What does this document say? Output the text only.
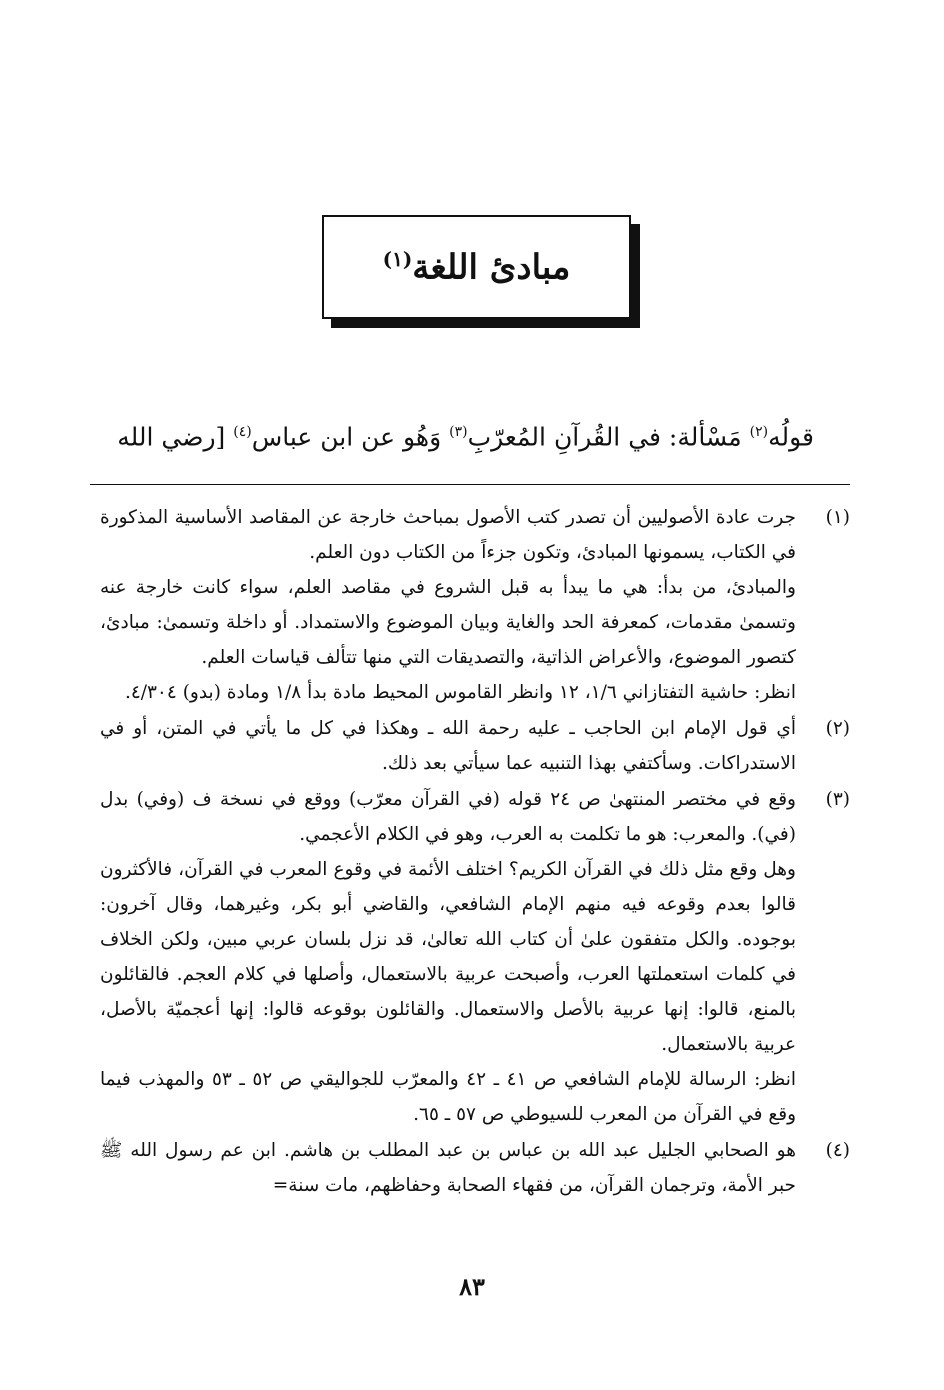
مبادئ اللغة$^{(١)}$
قولُه$^{(٢)}$ مَسْألة: في القُرآنِ المُعرّبِ$^{(٣)}$ وَهُو عن ابن عباس$^{(٤)}$ [رضي الله
(١)
جرت عادة الأصوليين أن تصدر كتب الأصول بمباحث خارجة عن المقاصد الأساسية المذكورة في الكتاب، يسمونها المبادئ، وتكون جزءاً من الكتاب دون العلم.
والمبادئ، من بدأ: هي ما يبدأ به قبل الشروع في مقاصد العلم، سواء كانت خارجة عنه وتسمىٰ مقدمات، كمعرفة الحد والغاية وبيان الموضوع والاستمداد. أو داخلة وتسمىٰ: مبادئ، كتصور الموضوع، والأعراض الذاتية، والتصديقات التي منها تتألف قياسات العلم.
انظر: حاشية التفتازاني ١/٦، ١٢ وانظر القاموس المحيط مادة بدأ ١/٨ ومادة (بدو) ٤/٣٠٤.
(٢)
أي قول الإمام ابن الحاجب ـ عليه رحمة الله ـ وهكذا في كل ما يأتي في المتن، أو في الاستدراكات. وسأكتفي بهذا التنبيه عما سيأتي بعد ذلك.
(٣)
وقع في مختصر المنتهىٰ ص ٢٤ قوله (في القرآن معرّب) ووقع في نسخة ف (وفي) بدل (في). والمعرب: هو ما تكلمت به العرب، وهو في الكلام الأعجمي.
وهل وقع مثل ذلك في القرآن الكريم؟ اختلف الأئمة في وقوع المعرب في القرآن، فالأكثرون قالوا بعدم وقوعه فيه منهم الإمام الشافعي، والقاضي أبو بكر، وغيرهما، وقال آخرون: بوجوده. والكل متفقون علىٰ أن كتاب الله تعالىٰ، قد نزل بلسان عربي مبين، ولكن الخلاف في كلمات استعملتها العرب، وأصبحت عربية بالاستعمال، وأصلها في كلام العجم. فالقائلون بالمنع، قالوا: إنها عربية بالأصل والاستعمال. والقائلون بوقوعه قالوا: إنها أعجميّة بالأصل، عربية بالاستعمال.
انظر: الرسالة للإمام الشافعي ص ٤١ ـ ٤٢ والمعرّب للجواليقي ص ٥٢ ـ ٥٣ والمهذب فيما وقع في القرآن من المعرب للسيوطي ص ٥٧ ـ ٦٥.
(٤)
هو الصحابي الجليل عبد الله بن عباس بن عبد المطلب بن هاشم. ابن عم رسول الله ﷺ حبر الأمة، وترجمان القرآن، من فقهاء الصحابة وحفاظهم، مات سنة=
٨٣
